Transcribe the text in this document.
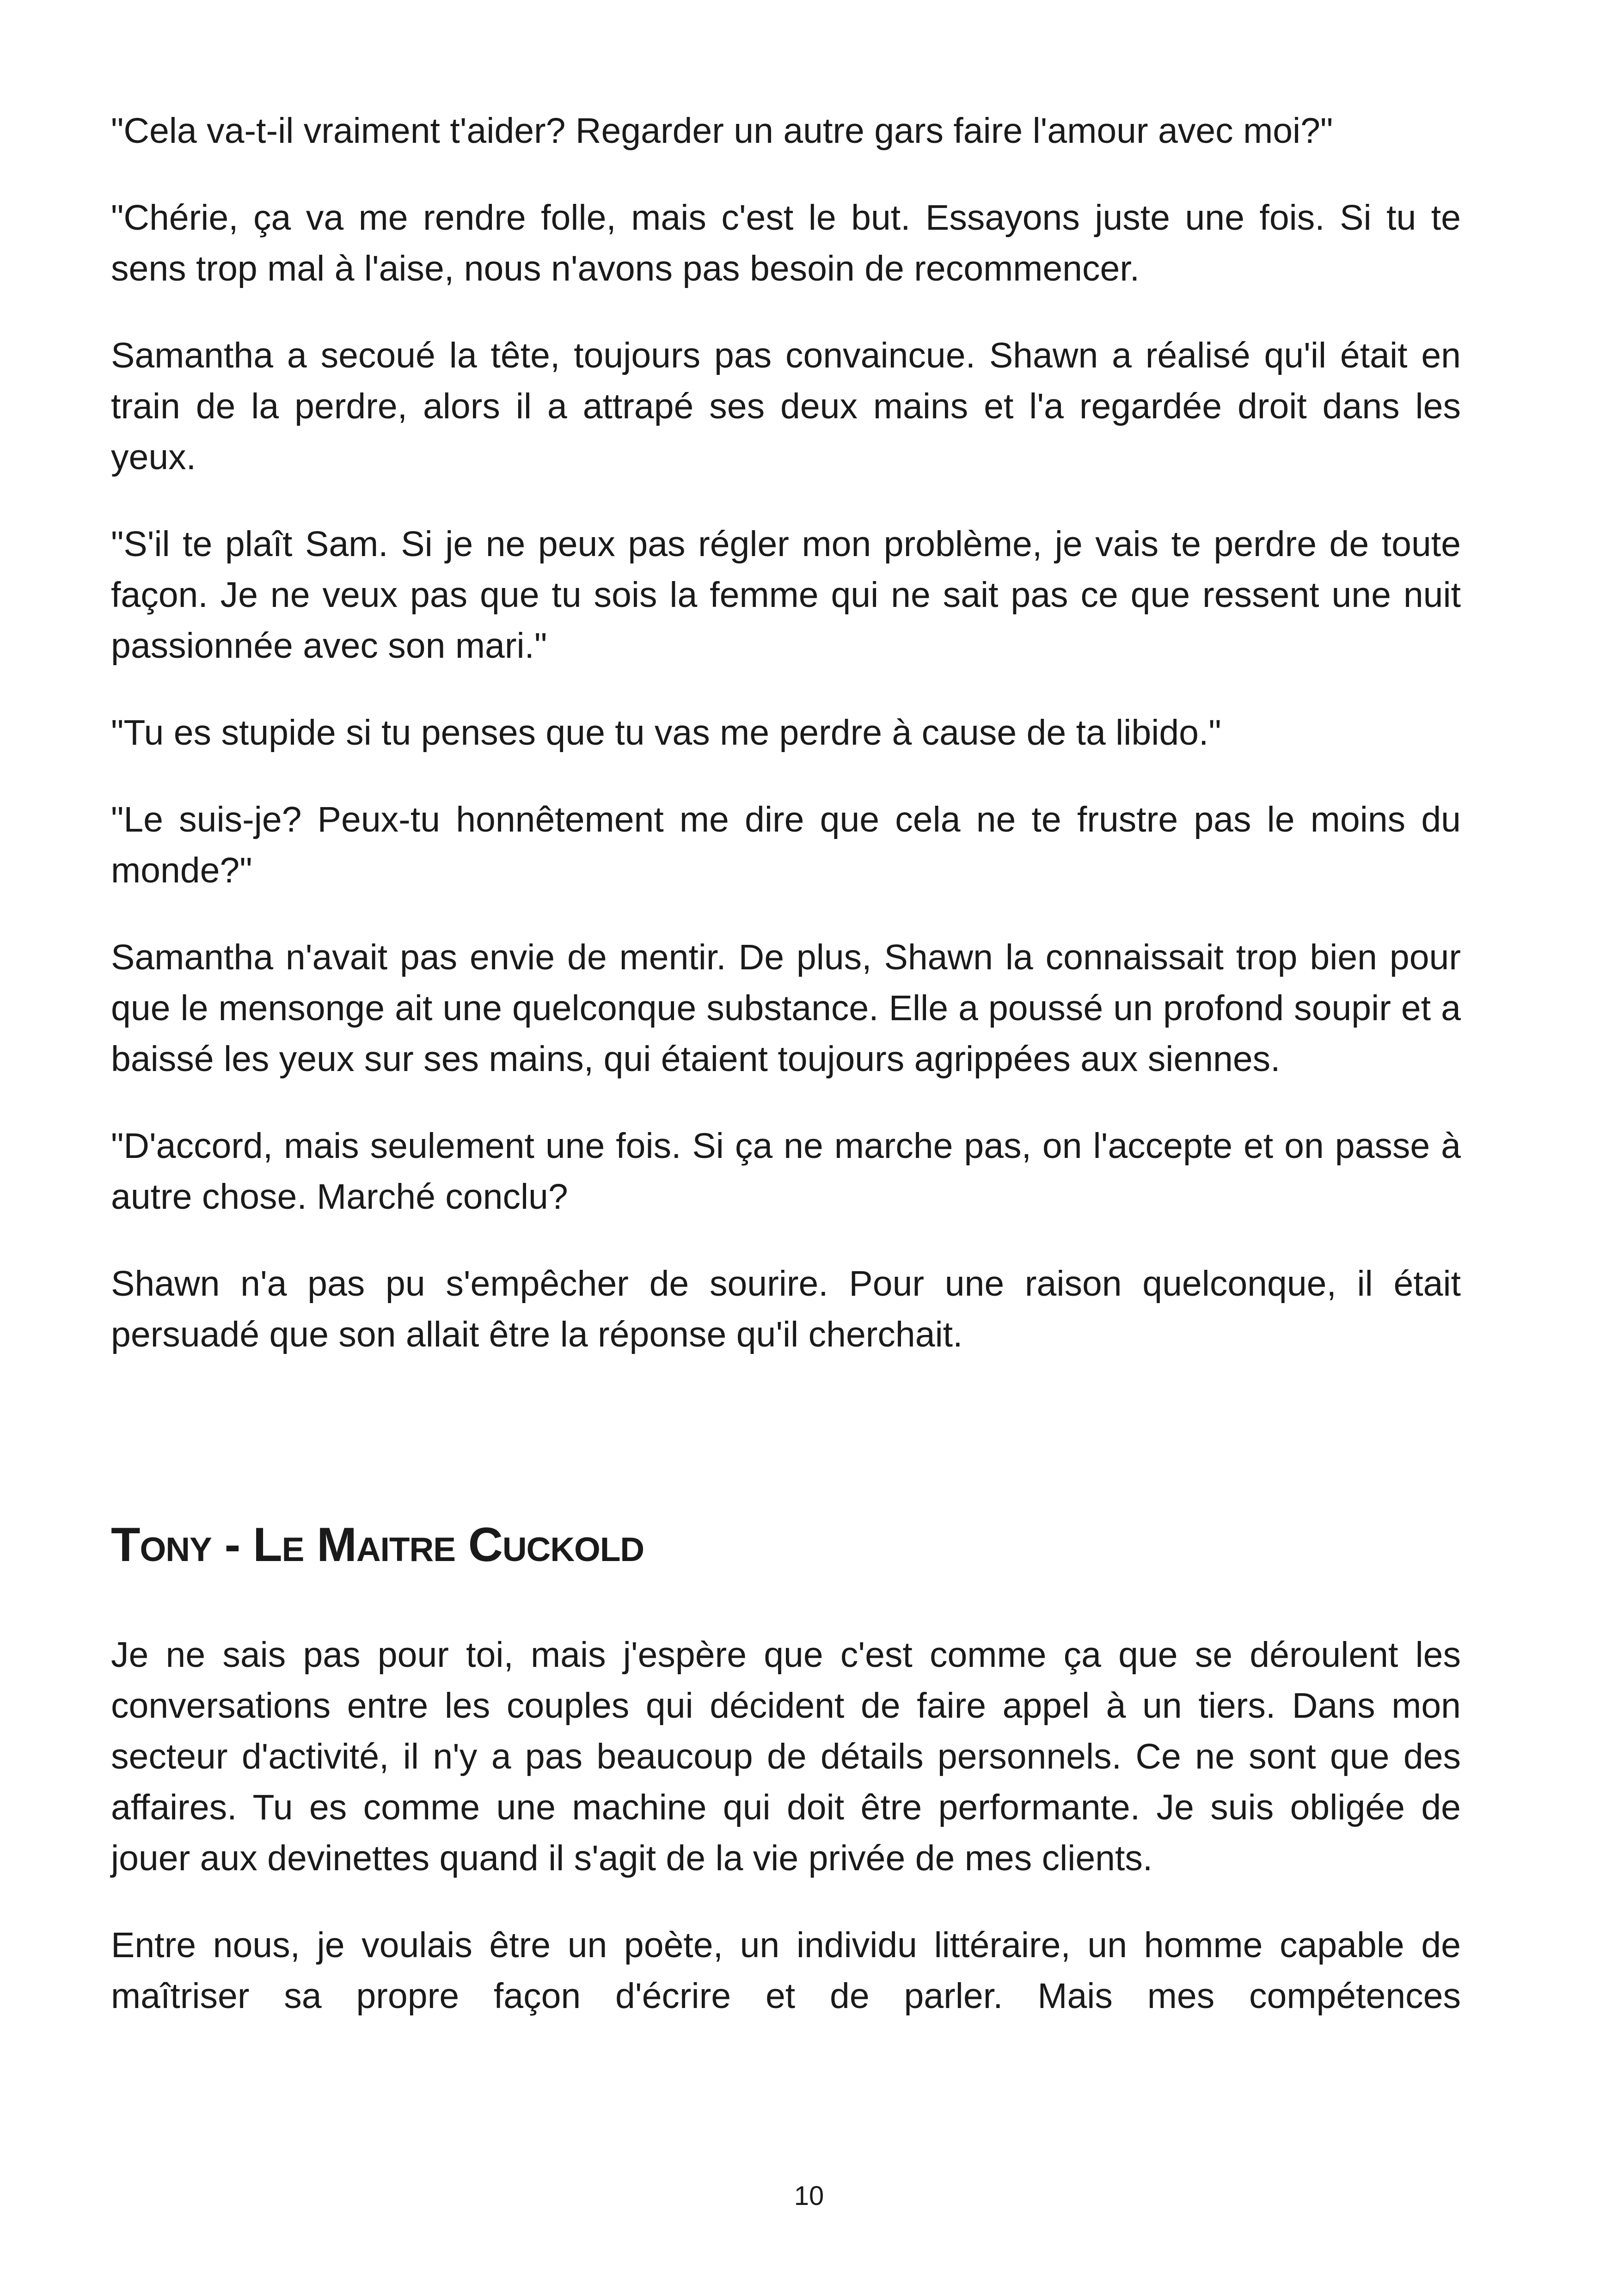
"Cela va-t-il vraiment t'aider? Regarder un autre gars faire l'amour avec moi?"

"Chérie, ça va me rendre folle, mais c'est le but. Essayons juste une fois. Si tu te sens trop mal à l'aise, nous n'avons pas besoin de recommencer.

Samantha a secoué la tête, toujours pas convaincue. Shawn a réalisé qu'il était en train de la perdre, alors il a attrapé ses deux mains et l'a regardée droit dans les yeux.

"S'il te plaît Sam. Si je ne peux pas régler mon problème, je vais te perdre de toute façon. Je ne veux pas que tu sois la femme qui ne sait pas ce que ressent une nuit passionnée avec son mari."

"Tu es stupide si tu penses que tu vas me perdre à cause de ta libido."

"Le suis-je? Peux-tu honnêtement me dire que cela ne te frustre pas le moins du monde?"

Samantha n'avait pas envie de mentir. De plus, Shawn la connaissait trop bien pour que le mensonge ait une quelconque substance. Elle a poussé un profond soupir et a baissé les yeux sur ses mains, qui étaient toujours agrippées aux siennes.

"D'accord, mais seulement une fois. Si ça ne marche pas, on l'accepte et on passe à autre chose. Marché conclu?

Shawn n'a pas pu s'empêcher de sourire. Pour une raison quelconque, il était persuadé que son allait être la réponse qu'il cherchait.

Tony - Le Maitre Cuckold

Je ne sais pas pour toi, mais j'espère que c'est comme ça que se déroulent les conversations entre les couples qui décident de faire appel à un tiers. Dans mon secteur d'activité, il n'y a pas beaucoup de détails personnels. Ce ne sont que des affaires. Tu es comme une machine qui doit être performante. Je suis obligée de jouer aux devinettes quand il s'agit de la vie privée de mes clients.

Entre nous, je voulais être un poète, un individu littéraire, un homme capable de maîtriser sa propre façon d'écrire et de parler. Mais mes compétences

10
